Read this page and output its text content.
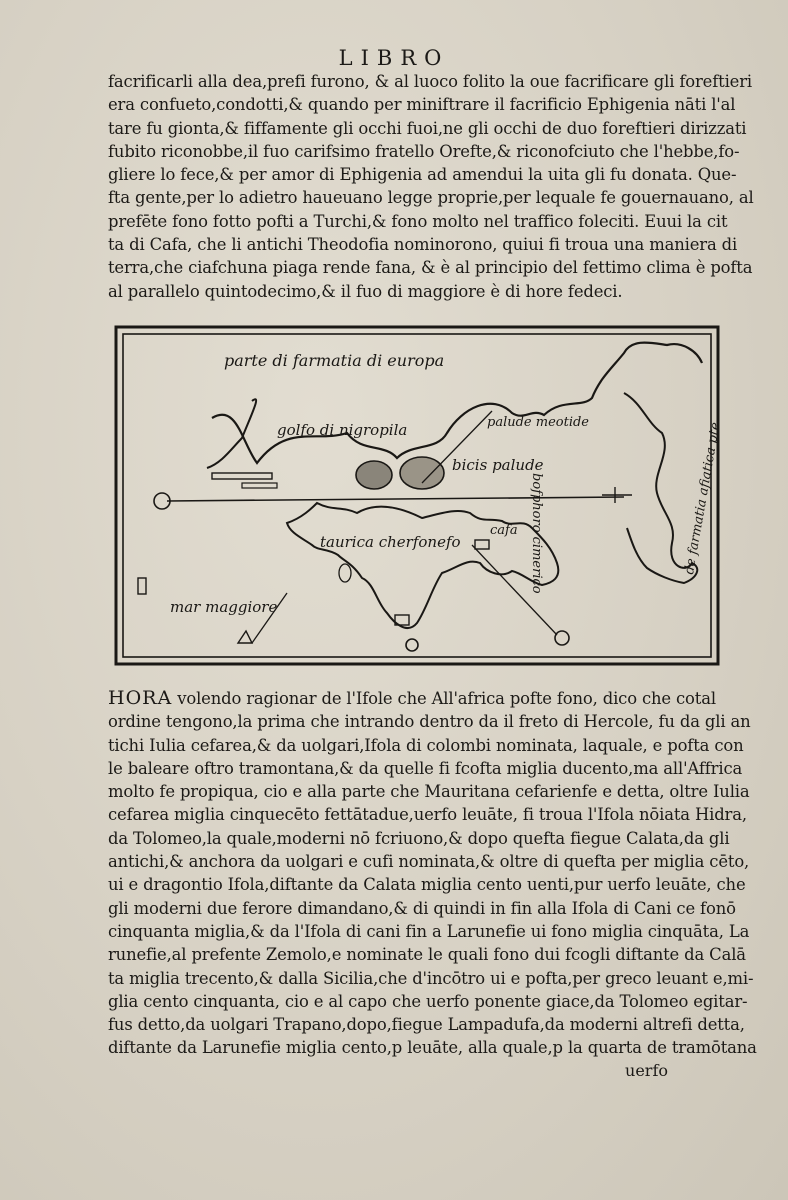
LIBRO
facrificarli alla dea,prefi furono, & al luoco folito la oue facrificare gli foreftieri
era confueto,condotti,& quando per miniftrare il facrificio Ephigenia nāti l'al
tare fu gionta,& fiffamente gli occhi fuoi,ne gli occhi de duo foreftieri dirizzati
fubito riconobbe,il fuo carifsimo fratello Orefte,& riconofciuto che l'hebbe,fo-
gliere lo fece,& per amor di Ephigenia ad amendui la uita gli fu donata. Que-
fta gente,per lo adietro haueuano legge proprie,per lequale fe gouernauano, al
prefēte fono fotto pofti a Turchi,& fono molto nel traffico foleciti. Euui la cit
ta di Cafa, che li antichi Theodofia nominorono, quiui fi troua una maniera di
terra,che ciafchuna piaga rende fana, & è al principio del fettimo clima è pofta
al parallelo quintodecimo,& il fuo di maggiore è di hore fedeci.
parte di farmatia di europa
golfo di nigropila	palude meotide
bicis palude
taurica cherfonefo
cafa bofphoro cimerico	de farmatia afiatica pte
mar maggiore
HORA volendo ragionar de l'Ifole che All'africa pofte fono, dico che cotal
ordine tengono,la prima che intrando dentro da il freto di Hercole, fu da gli an
tichi Iulia cefarea,& da uolgari,Ifola di colombi nominata, laquale, e pofta con
le baleare oftro tramontana,& da quelle fi fcofta miglia ducento,ma all'Affrica
molto fe propiqua, cio e alla parte che Mauritana cefarienfe e detta, oltre Iulia
cefarea miglia cinquecēto fettātadue,uerfo leuāte, fi troua l'Ifola nōiata Hidra,
da Tolomeo,la quale,moderni nō fcriuono,& dopo quefta fiegue Calata,da gli
antichi,& anchora da uolgari e cufi nominata,& oltre di quefta per miglia cēto,
ui e dragontio Ifola,diftante da Calata miglia cento uenti,pur uerfo leuāte, che
gli moderni due ferore dimandano,& di quindi in fin alla Ifola di Cani ce fonō
cinquanta miglia,& da l'Ifola di cani fin a Larunefie ui fono miglia cinquāta, La
runefie,al prefente Zemolo,e nominate le quali fono dui fcogli diftante da Calā
ta miglia trecento,& dalla Sicilia,che d'incōtro ui e pofta,per greco leuant e,mi-
glia cento cinquanta, cio e al capo che uerfo ponente giace,da Tolomeo egitar-
fus detto,da uolgari Trapano,dopo,fiegue Lampadufa,da moderni altrefi detta,
diftante da Larunefie miglia cento,p leuāte, alla quale,p la quarta de tramōtana
uerfo
